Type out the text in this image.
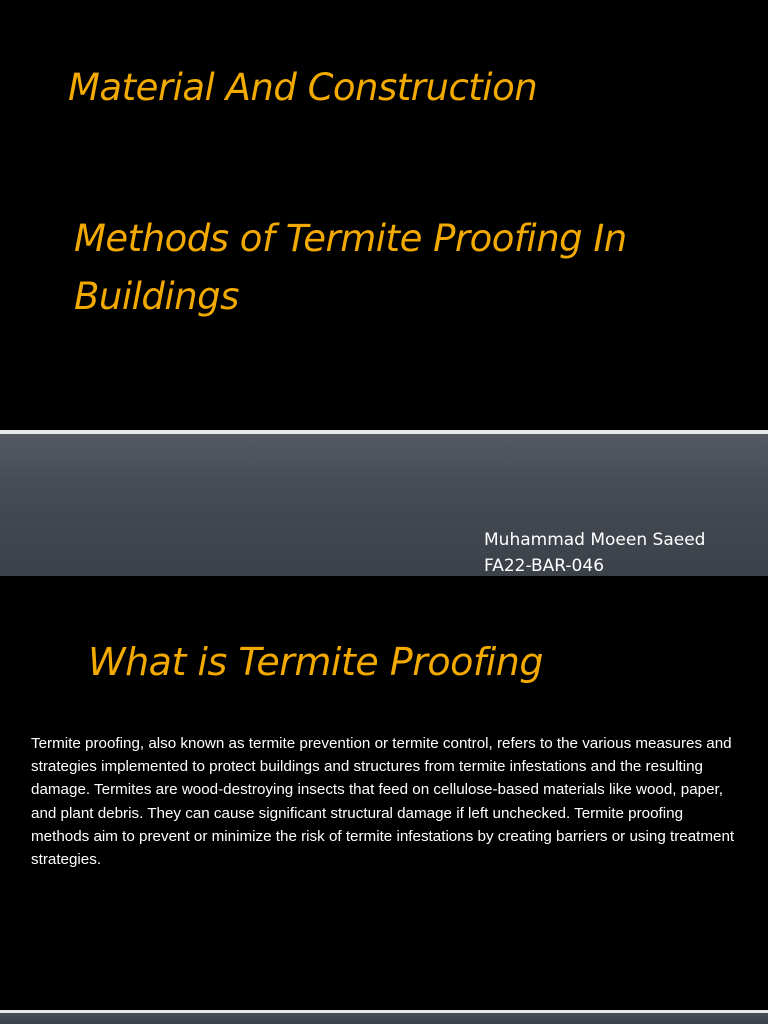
Material And Construction
Methods of Termite Proofing In Buildings
Muhammad Moeen Saeed
FA22-BAR-046
What is Termite Proofing

Termite proofing, also known as termite prevention or termite control, refers to the various measures and strategies implemented to protect buildings and structures from termite infestations and the resulting damage. Termites are wood-destroying insects that feed on cellulose-based materials like wood, paper, and plant debris. They can cause significant structural damage if left unchecked. Termite proofing methods aim to prevent or minimize the risk of termite infestations by creating barriers or using treatment strategies.
